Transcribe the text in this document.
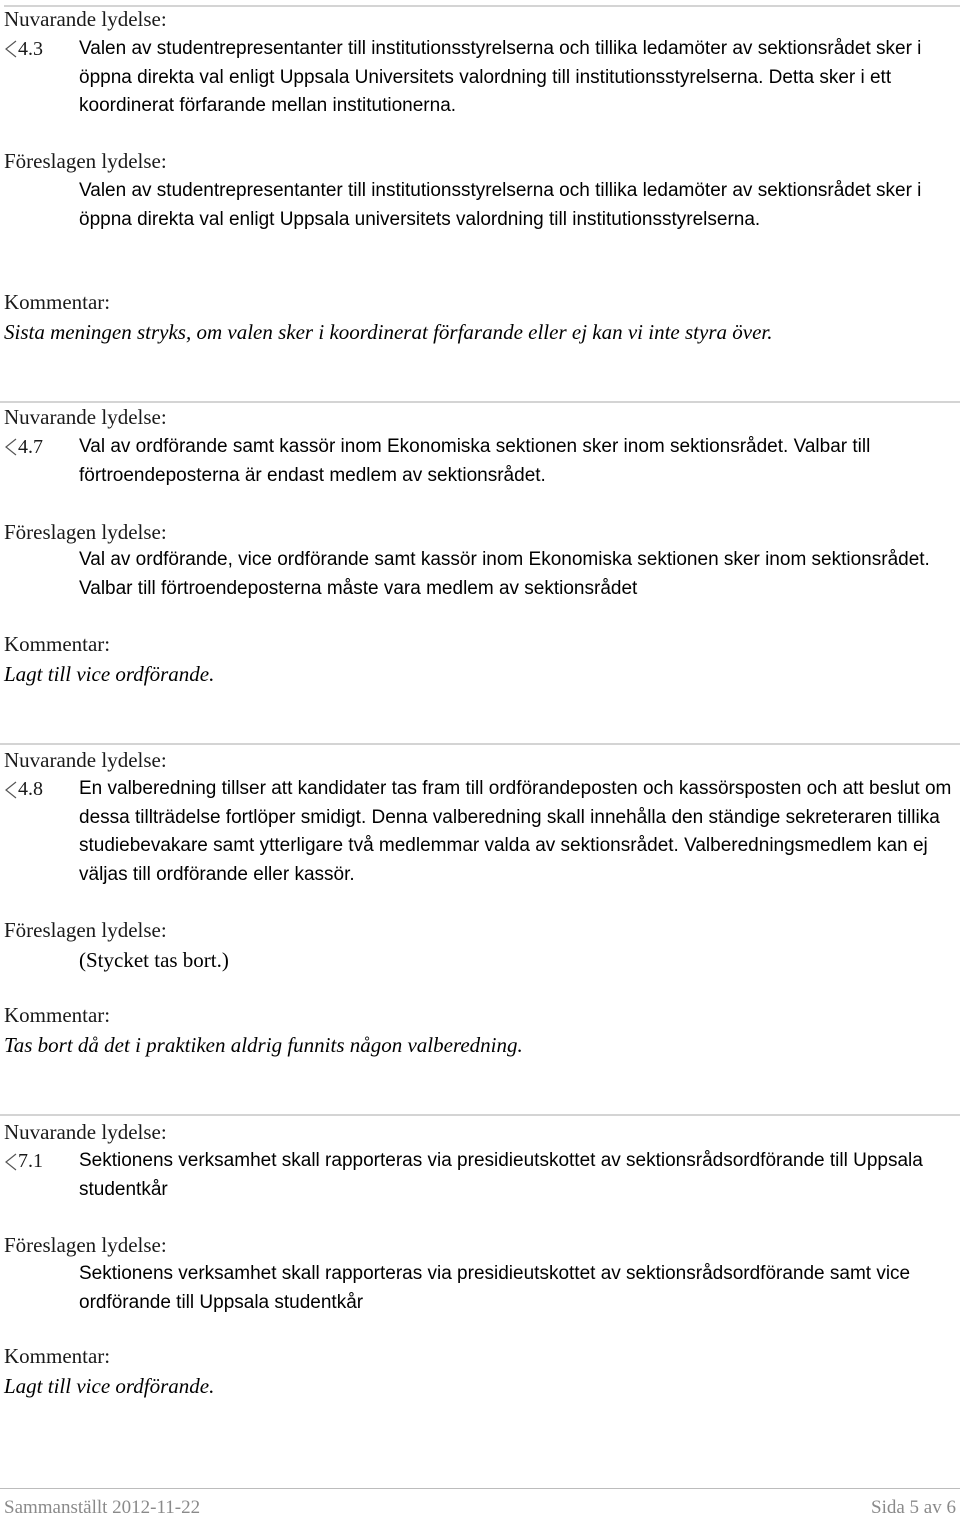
Nuvarande lydelse:
4.3 Valen av studentrepresentanter till institutionsstyrelserna och tillika ledamöter av sektionsrådet sker i öppna direkta val enligt Uppsala Universitets valordning till institutionsstyrelserna. Detta sker i ett koordinerat förfarande mellan institutionerna.
Föreslagen lydelse:
Valen av studentrepresentanter till institutionsstyrelserna och tillika ledamöter av sektionsrådet sker i öppna direkta val enligt Uppsala universitets valordning till institutionsstyrelserna.
Kommentar:
Sista meningen stryks, om valen sker i koordinerat förfarande eller ej kan vi inte styra över.
Nuvarande lydelse:
4.7 Val av ordförande samt kassör inom Ekonomiska sektionen sker inom sektionsrådet. Valbar till förtroendeposterna är endast medlem av sektionsrådet.
Föreslagen lydelse:
Val av ordförande, vice ordförande samt kassör inom Ekonomiska sektionen sker inom sektionsrådet. Valbar till förtroendeposterna måste vara medlem av sektionsrådet
Kommentar:
Lagt till vice ordförande.
Nuvarande lydelse:
4.8 En valberedning tillser att kandidater tas fram till ordförandeposten och kassörsposten och att beslut om dessa tillträdelse fortlöper smidigt. Denna valberedning skall innehålla den ständige sekreteraren tillika studiebevakare samt ytterligare två medlemmar valda av sektionsrådet. Valberedningsmedlem kan ej väljas till ordförande eller kassör.
Föreslagen lydelse:
(Stycket tas bort.)
Kommentar:
Tas bort då det i praktiken aldrig funnits någon valberedning.
Nuvarande lydelse:
7.1 Sektionens verksamhet skall rapporteras via presidieutskottet av sektionsrådsordförande till Uppsala studentkår
Föreslagen lydelse:
Sektionens verksamhet skall rapporteras via presidieutskottet av sektionsrådsordförande samt vice ordförande till Uppsala studentkår
Kommentar:
Lagt till vice ordförande.
Sammanställt 2012-11-22	Sida 5 av 6
